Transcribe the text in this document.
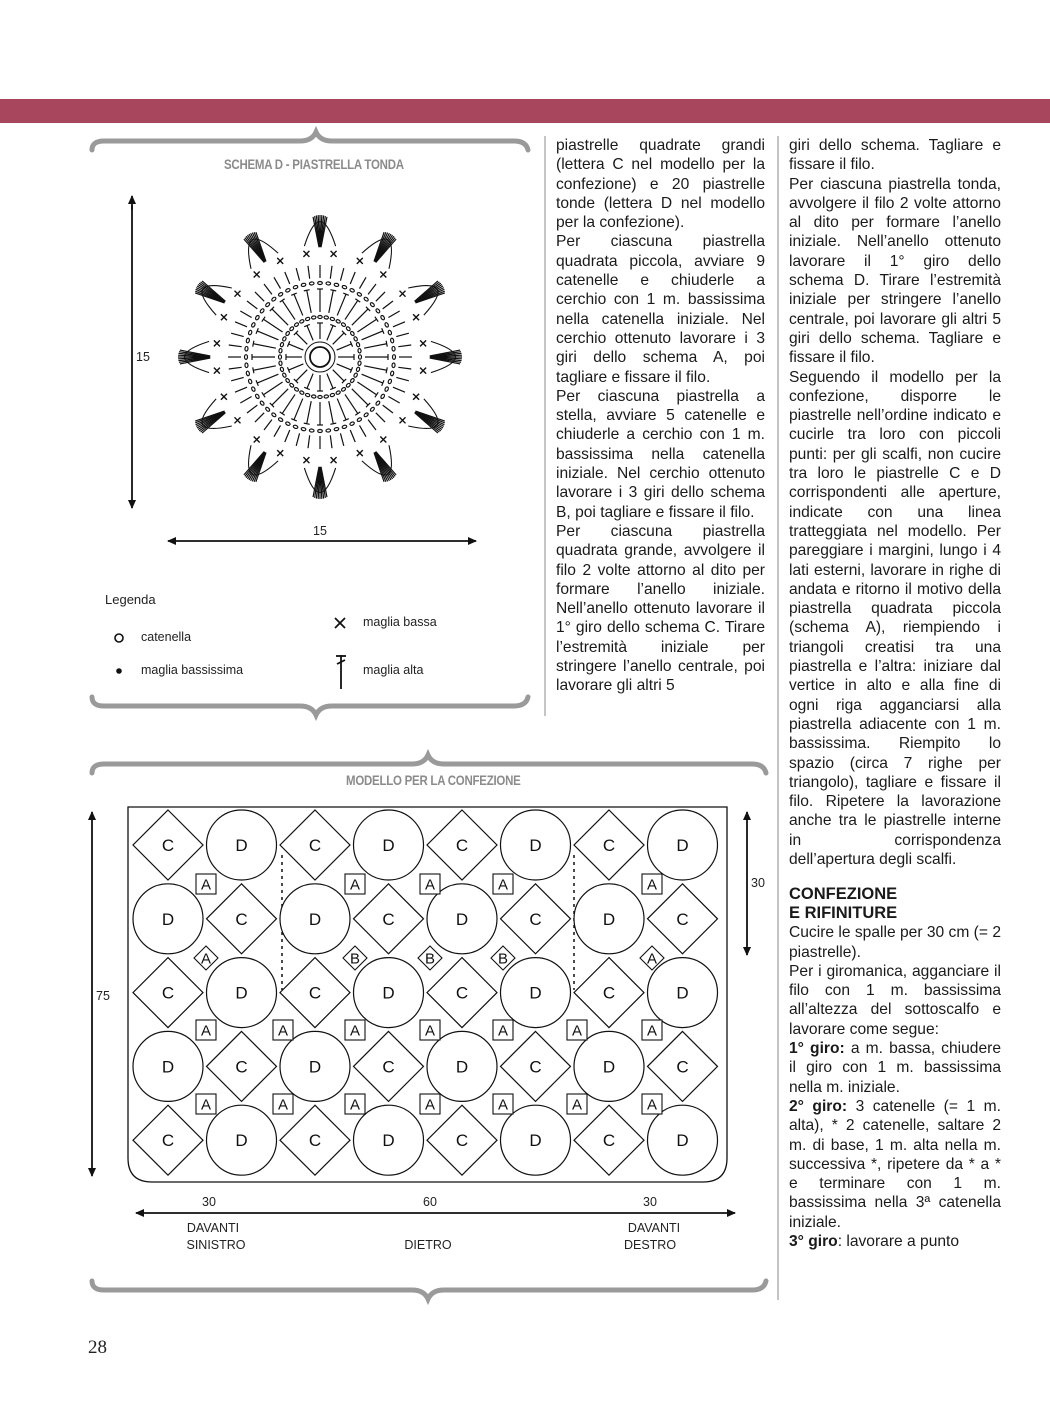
C	D	C	D	C	D	C	D
D	C	D	C	D	C	D	C
C	D	C	D	C	D	C	D
D	C	D	C	D	C	D	C
C	D	C	D	C	D	C	D
A	A	A	A	A
A	B	B	B	A
A	A	A	A	A	A	A
A	A	A	A	A	A	A
SCHEMA D - PIASTRELLA TONDA
15
15
Legenda
catenella
maglia bassissima
maglia bassa
maglia alta
MODELLO PER LA CONFEZIONE
75
30
30	60	30
DAVANTI
SINISTRO	DIETRO
DAVANTI
DESTRO

piastrelle quadrate grandi (lettera C nel modello per la confezione) e 20 piastrelle tonde (lettera D nel modello per la confezione).

Per ciascuna piastrella quadrata piccola, avviare 9 catenelle e chiuderle a cerchio con 1 m. bassissima nella catenella iniziale. Nel cerchio ottenuto lavorare i 3 giri dello schema A, poi tagliare e fissare il filo.

Per ciascuna piastrella a stella, avviare 5 catenelle e chiuderle a cerchio con 1 m. bassissima nella catenella iniziale. Nel cerchio ottenuto lavorare i 3 giri dello schema B, poi tagliare e fissare il filo.

Per ciascuna piastrella quadrata grande, avvolgere il filo 2 volte attorno al dito per formare l’anello iniziale. Nell’anello ottenuto lavorare il 1° giro dello schema C. Tirare l’estremità iniziale per stringere l’anello centrale, poi lavorare gli altri 5

giri dello schema. Tagliare e fissare il filo.

Per ciascuna piastrella tonda, avvolgere il filo 2 volte attorno al dito per formare l’anello iniziale. Nell’anello ottenuto lavorare il 1° giro dello schema D. Tirare l’estremità iniziale per stringere l’anello centrale, poi lavorare gli altri 5 giri dello schema. Tagliare e fissare il filo.

Seguendo il modello per la confezione, disporre le piastrelle nell’ordine indicato e cucirle tra loro con piccoli punti: per gli scalfi, non cucire tra loro le piastrelle C e D corrispondenti alle aperture, indicate con una linea tratteggiata nel modello. Per pareggiare i margini, lungo i 4 lati esterni, lavorare in righe di andata e ritorno il motivo della piastrella quadrata piccola (schema A), riempiendo i triangoli creatisi tra una piastrella e l’altra: iniziare dal vertice in alto e alla fine di ogni riga agganciarsi alla piastrella adiacente con 1 m. bassissima. Riempito lo spazio (circa 7 righe per triangolo), tagliare e fissare il filo. Ripetere la lavorazione anche tra le piastrelle interne in corrispondenza dell’apertura degli scalfi.

CONFEZIONE
E RIFINITURE

Cucire le spalle per 30 cm (= 2 piastrelle).

Per i giromanica, agganciare il filo con 1 m. bassissima all’altezza del sottoscalfo e lavorare come segue:

1° giro: a m. bassa, chiudere il giro con 1 m. bassissima nella m. iniziale.

2° giro: 3 catenelle (= 1 m. alta), * 2 catenelle, saltare 2 m. di base, 1 m. alta nella m. successiva *, ripetere da * a * e terminare con 1 m. bassissima nella 3ª catenella iniziale.

3° giro: lavorare a punto

28
